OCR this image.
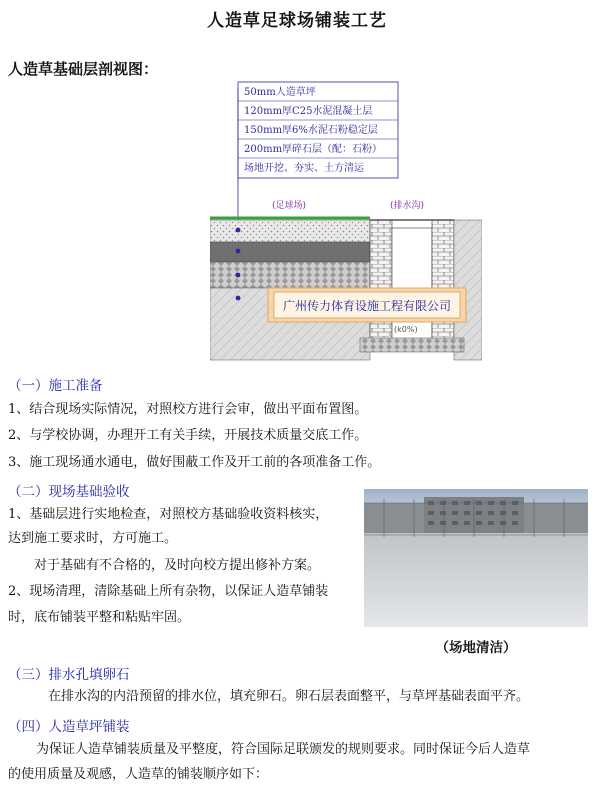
人造草足球场铺装工艺
人造草基础层剖视图：
50mm人造草坪
120mm厚C25水泥混凝土层
150mm厚6%水泥石粉稳定层
200mm厚碎石层（配：石粉）
场地开挖、夯实、土方清运
(足球场)	(排水沟)
广州传力体育设施工程有限公司
(k0%)
（一）施工准备
1、结合现场实际情况，对照校方进行会审，做出平面布置图。
2、与学校协调，办理开工有关手续，开展技术质量交底工作。
3、施工现场通水通电，做好围蔽工作及开工前的各项准备工作。
（二）现场基础验收
1、基础层进行实地检查，对照校方基础验收资料核实，
达到施工要求时，方可施工。
对于基础有不合格的，及时向校方提出修补方案。
2、现场清理，清除基础上所有杂物，以保证人造草铺装
时，底布铺装平整和粘贴牢固。
（场地清洁）
（三）排水孔填卵石
在排水沟的内沿预留的排水位，填充卵石。卵石层表面整平，与草坪基础表面平齐。
（四）人造草坪铺装
为保证人造草铺装质量及平整度，符合国际足联颁发的规则要求。同时保证今后人造草
的使用质量及观感，人造草的铺装顺序如下：
